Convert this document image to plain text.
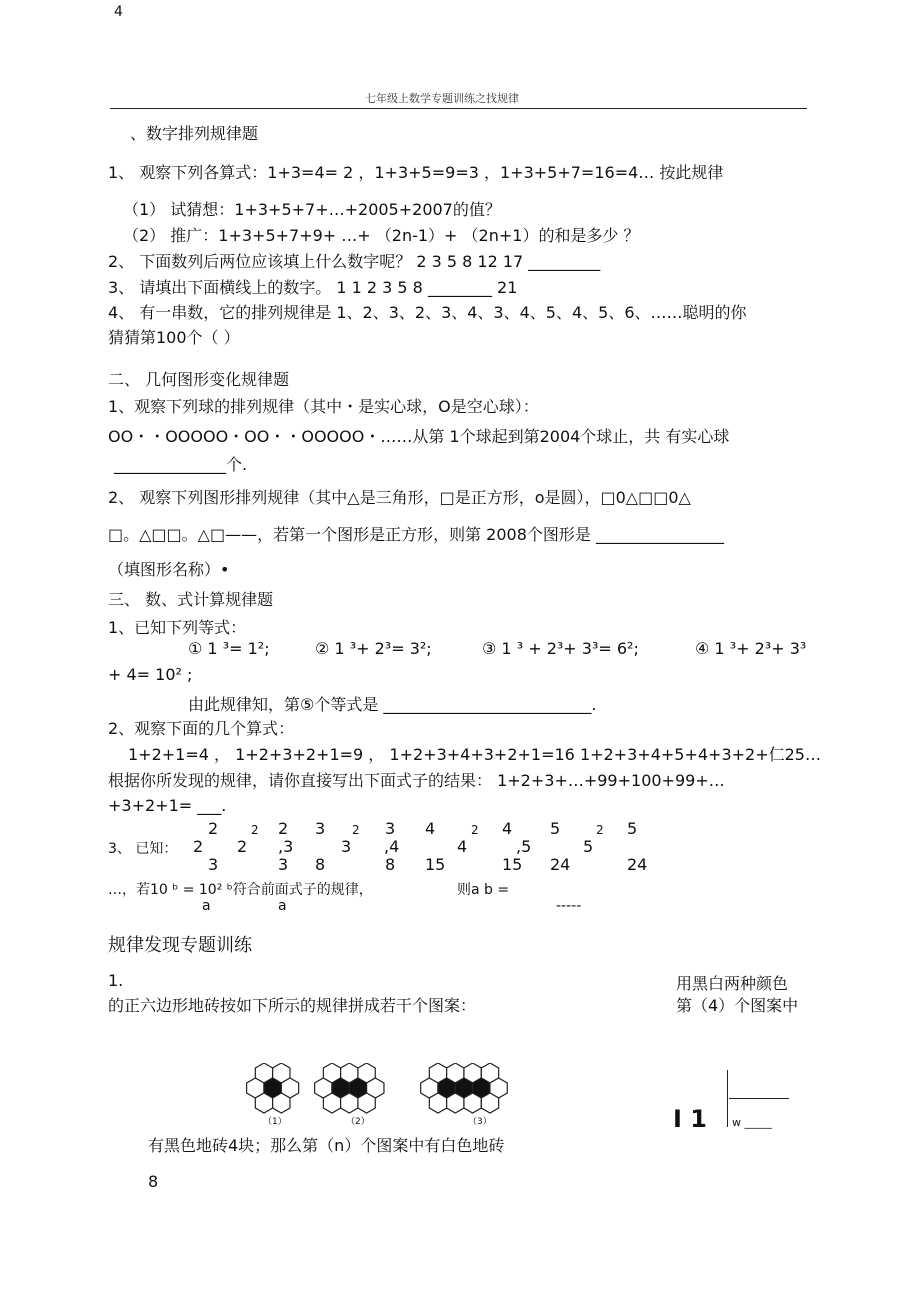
4
七年级上数学专题训练之找规律
、数字排列规律题
1、 观察下列各算式：1+3=4= 2 ，1+3+5=9=3 ，1+3+5+7=16=4… 按此规律
（1） 试猜想：1+3+5+7+…+2005+2007的值？
（2） 推广：1+3+5+7+9+ …+ （2n-1）+ （2n+1）的和是多少 ？
2、 下面数列后两位应该填上什么数字呢？ 2 3 5 8 12 17 _________
3、 请填出下面横线上的数字。 1 1 2 3 5 8 ________ 21
4、 有一串数，它的排列规律是 1、2、3、2、3、4、3、4、5、4、5、6、……聪明的你
猜猜第100个（ ）
二、 几何图形变化规律题
1、观察下列球的排列规律（其中・是实心球，O是空心球）：
OO・・OOOOO・OO・・OOOOO・……从第 1个球起到第2004个球止，共 有实心球
______________个.
2、 观察下列图形排列规律（其中△是三角形，□是正方形，o是圆），□0△□□0△
□。△□□。△□——，若第一个图形是正方形，则第 2008个图形是 ________________
（填图形名称）•
三、 数、式计算规律题
1、已知下列等式：
① 1 ³= 1²;	② 1 ³+ 2³= 3²;	③ 1 ³ + 2³+ 3³= 6²;	④ 1 ³+ 2³+ 3³
+ 4= 10² ;
由此规律知，第⑤个等式是 __________________________.
2、观察下面的几个算式：
1+2+1=4 ， 1+2+3+2+1=9 ， 1+2+3+4+3+2+1=16 1+2+3+4+5+4+3+2+仁25…
根据你所发现的规律，请你直接写出下面式子的结果： 1+2+3+…+99+100+99+…
+3+2+1= ___.
3、 已知：
2	2 2 3 2 3 4	2 4 5	2 5
2 2 ,3	3 ,4	4	,5	5
3	3 8	8 15	15 24	24
…，若10 ᵇ = 10² ᵇ符合前面式子的规律，	则a b =
a	a	-----
规律发现专题训练
1.	用黑白两种颜色
的正六边形地砖按如下所示的规律拼成若干个图案：	第（4）个图案中
（1）	（2）	（3）	I 1 w _____
有黑色地砖4块；那么第（n）个图案中有白色地砖
8
